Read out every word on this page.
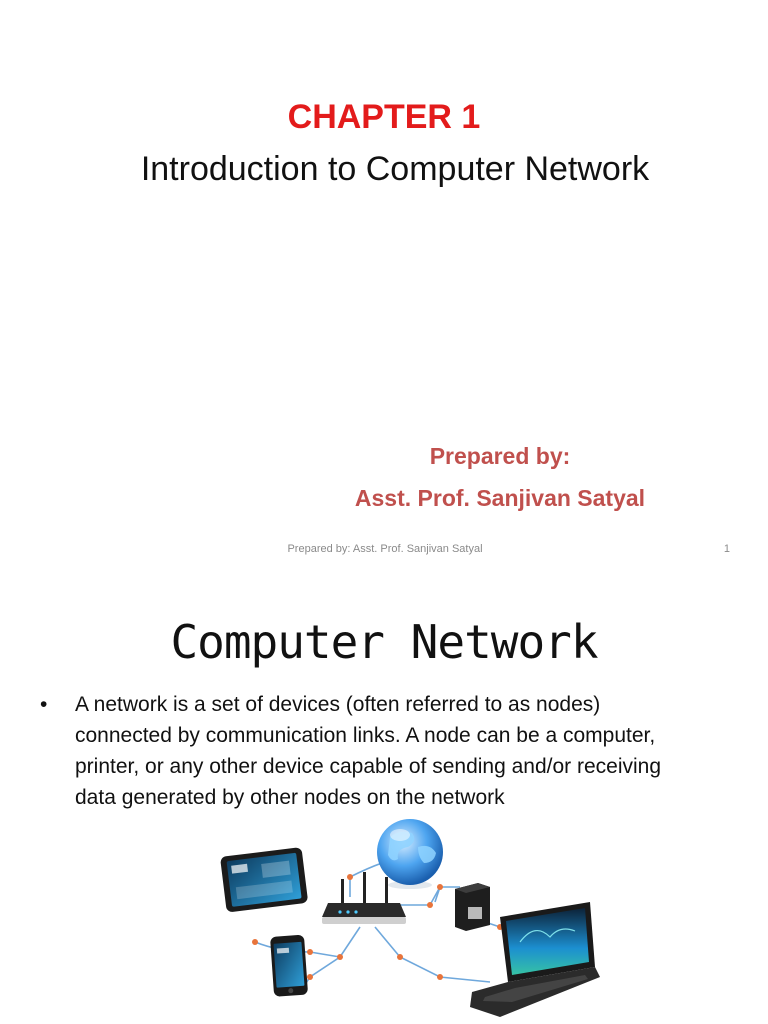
CHAPTER 1
Introduction to Computer Network
Prepared by:
Asst. Prof. Sanjivan Satyal
Prepared by: Asst. Prof. Sanjivan Satyal	1
Computer Network
• A network is a set of devices (often referred to as nodes) connected by communication links. A node can be a computer, printer, or any other device capable of sending and/or receiving data generated by other nodes on the network
